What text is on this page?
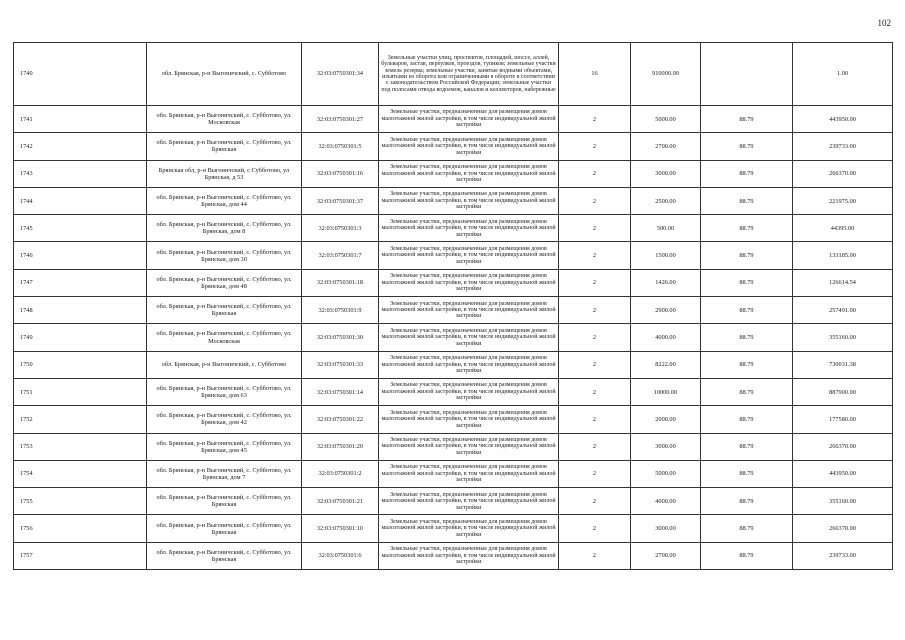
102
1740	обл. Брянская, р-н Выгоничский, с. Субботово	32:03:0750301:34	Земельные участки улиц, проспектов, площадей, шоссе, аллей, бульваров, застав, переулков, проездов, тупиков; земельные участки земель резерва; земельные участки, занятые водными объектами, изъятыми из оборота или ограниченными в обороте в соответствии с законодательством Российской Федерации; земельные участки под полосами отвода водоемов, каналов и коллекторов, набережные	16	910000.00		1.00
1741	обл. Брянская, р-н Выгоничский, с. Субботово, ул. Московская	32:03:0750301:27	Земельные участки, предназначенные для размещения домов малоэтажной жилой застройки, в том числе индивидуальной жилой застройки	2	5000.00	88.79	443950.00
1742	обл. Брянская, р-н Выгоничский, с. Субботово, ул. Брянская	32:03:0750301:5	Земельные участки, предназначенные для размещения домов малоэтажной жилой застройки, в том числе индивидуальной жилой застройки	2	2700.00	88.79	239733.00
1743	Брянская обл, р-н Выгоничский, с Субботово, ул Брянская, д 53	32:03:0750301:16	Земельные участки, предназначенные для размещения домов малоэтажной жилой застройки, в том числе индивидуальной жилой застройки	2	3000.00	88.79	266370.00
1744	обл. Брянская, р-н Выгоничский, с. Субботово, ул. Брянская, дом 44	32:03:0750301:37	Земельные участки, предназначенные для размещения домов малоэтажной жилой застройки, в том числе индивидуальной жилой застройки	2	2500.00	88.79	221975.00
1745	обл. Брянская, р-н Выгоничский, с. Субботово, ул. Брянская, дом 8	32:03:0750301:3	Земельные участки, предназначенные для размещения домов малоэтажной жилой застройки, в том числе индивидуальной жилой застройки	2	500.00	88.79	44395.00
1746	обл. Брянская, р-н Выгоничский, с. Субботово, ул. Брянская, дом 30	32:03:0750301:7	Земельные участки, предназначенные для размещения домов малоэтажной жилой застройки, в том числе индивидуальной жилой застройки	2	1500.00	88.79	133185.00
1747	обл. Брянская, р-н Выгоничский, с. Субботово, ул. Брянская, дом 48	32:03:0750301:18	Земельные участки, предназначенные для размещения домов малоэтажной жилой застройки, в том числе индивидуальной жилой застройки	2	1426.00	88.79	126614.54
1748	обл. Брянская, р-н Выгоничский, с. Субботово, ул. Брянская	32:03:0750301:9	Земельные участки, предназначенные для размещения домов малоэтажной жилой застройки, в том числе индивидуальной жилой застройки	2	2900.00	88.79	257491.00
1749	обл. Брянская, р-н Выгоничский, с. Субботово, ул. Московская	32:03:0750301:30	Земельные участки, предназначенные для размещения домов малоэтажной жилой застройки, в том числе индивидуальной жилой застройки	2	4000.00	88.79	355160.00
1750	обл. Брянская, р-н Выгоничский, с. Субботово	32:03:0750301:33	Земельные участки, предназначенные для размещения домов малоэтажной жилой застройки, в том числе индивидуальной жилой застройки	2	8222.00	88.79	730031.38
1751	обл. Брянская, р-н Выгоничский, с. Субботово, ул. Брянская, дом 63	32:03:0750301:14	Земельные участки, предназначенные для размещения домов малоэтажной жилой застройки, в том числе индивидуальной жилой застройки	2	10000.00	88.79	887900.00
1752	обл. Брянская, р-н Выгоничский, с. Субботово, ул. Брянская, дом 42	32:03:0750301:22	Земельные участки, предназначенные для размещения домов малоэтажной жилой застройки, в том числе индивидуальной жилой застройки	2	2000.00	88.79	177580.00
1753	обл. Брянская, р-н Выгоничский, с. Субботово, ул. Брянская, дом 45	32:03:0750301:20	Земельные участки, предназначенные для размещения домов малоэтажной жилой застройки, в том числе индивидуальной жилой застройки	2	3000.00	88.79	266370.00
1754	обл. Брянская, р-н Выгоничский, с. Субботово, ул. Брянская, дом 7	32:03:0750301:2	Земельные участки, предназначенные для размещения домов малоэтажной жилой застройки, в том числе индивидуальной жилой застройки	2	5000.00	88.79	443950.00
1755	обл. Брянская, р-н Выгоничский, с. Субботово, ул. Брянская	32:03:0750301:21	Земельные участки, предназначенные для размещения домов малоэтажной жилой застройки, в том числе индивидуальной жилой застройки	2	4000.00	88.79	355160.00
1756	обл. Брянская, р-н Выгоничский, с. Субботово, ул. Брянская	32:03:0750301:10	Земельные участки, предназначенные для размещения домов малоэтажной жилой застройки, в том числе индивидуальной жилой застройки	2	3000.00	88.79	266370.00
1757	обл. Брянская, р-н Выгоничский, с. Субботово, ул. Брянская	32:03:0750301:6	Земельные участки, предназначенные для размещения домов малоэтажной жилой застройки, в том числе индивидуальной жилой застройки	2	2700.00	88.79	239733.00
